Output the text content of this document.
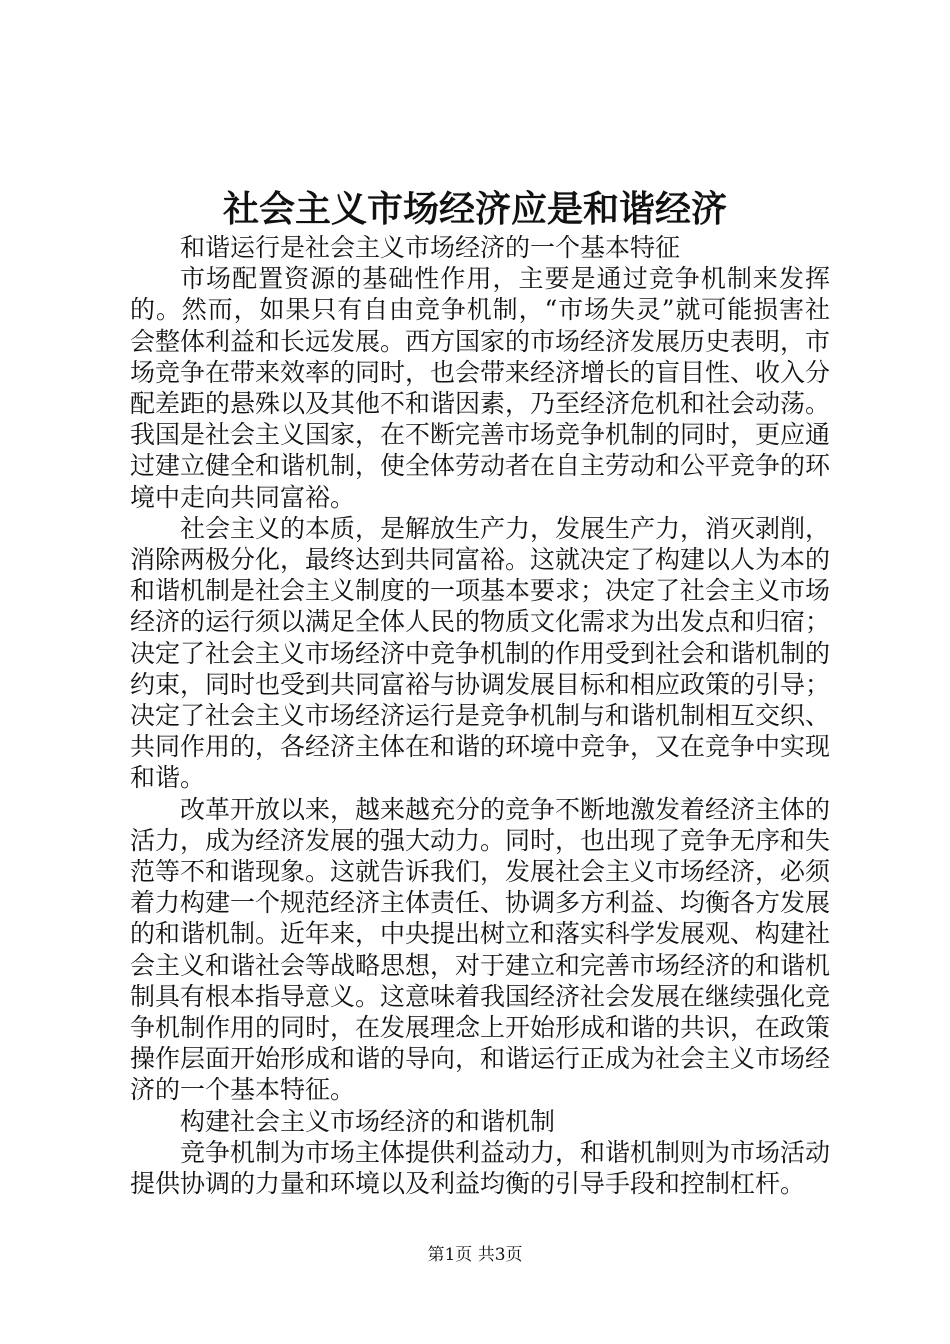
社会主义市场经济应是和谐经济

和谐运行是社会主义市场经济的一个基本特征

市场配置资源的基础性作用，主要是通过竞争机制来发挥的。然而，如果只有自由竞争机制，“市场失灵”就可能损害社会整体利益和长远发展。西方国家的市场经济发展历史表明，市场竞争在带来效率的同时，也会带来经济增长的盲目性、收入分配差距的悬殊以及其他不和谐因素，乃至经济危机和社会动荡。我国是社会主义国家，在不断完善市场竞争机制的同时，更应通过建立健全和谐机制，使全体劳动者在自主劳动和公平竞争的环境中走向共同富裕。

社会主义的本质，是解放生产力，发展生产力，消灭剥削，消除两极分化，最终达到共同富裕。这就决定了构建以人为本的和谐机制是社会主义制度的一项基本要求；决定了社会主义市场经济的运行须以满足全体人民的物质文化需求为出发点和归宿；决定了社会主义市场经济中竞争机制的作用受到社会和谐机制的约束，同时也受到共同富裕与协调发展目标和相应政策的引导；决定了社会主义市场经济运行是竞争机制与和谐机制相互交织、共同作用的，各经济主体在和谐的环境中竞争，又在竞争中实现和谐。

改革开放以来，越来越充分的竞争不断地激发着经济主体的活力，成为经济发展的强大动力。同时，也出现了竞争无序和失范等不和谐现象。这就告诉我们，发展社会主义市场经济，必须着力构建一个规范经济主体责任、协调多方利益、均衡各方发展的和谐机制。近年来，中央提出树立和落实科学发展观、构建社会主义和谐社会等战略思想，对于建立和完善市场经济的和谐机制具有根本指导意义。这意味着我国经济社会发展在继续强化竞争机制作用的同时，在发展理念上开始形成和谐的共识，在政策操作层面开始形成和谐的导向，和谐运行正成为社会主义市场经济的一个基本特征。

构建社会主义市场经济的和谐机制

竞争机制为市场主体提供利益动力，和谐机制则为市场活动提供协调的力量和环境以及利益均衡的引导手段和控制杠杆。

第1页 共3页
